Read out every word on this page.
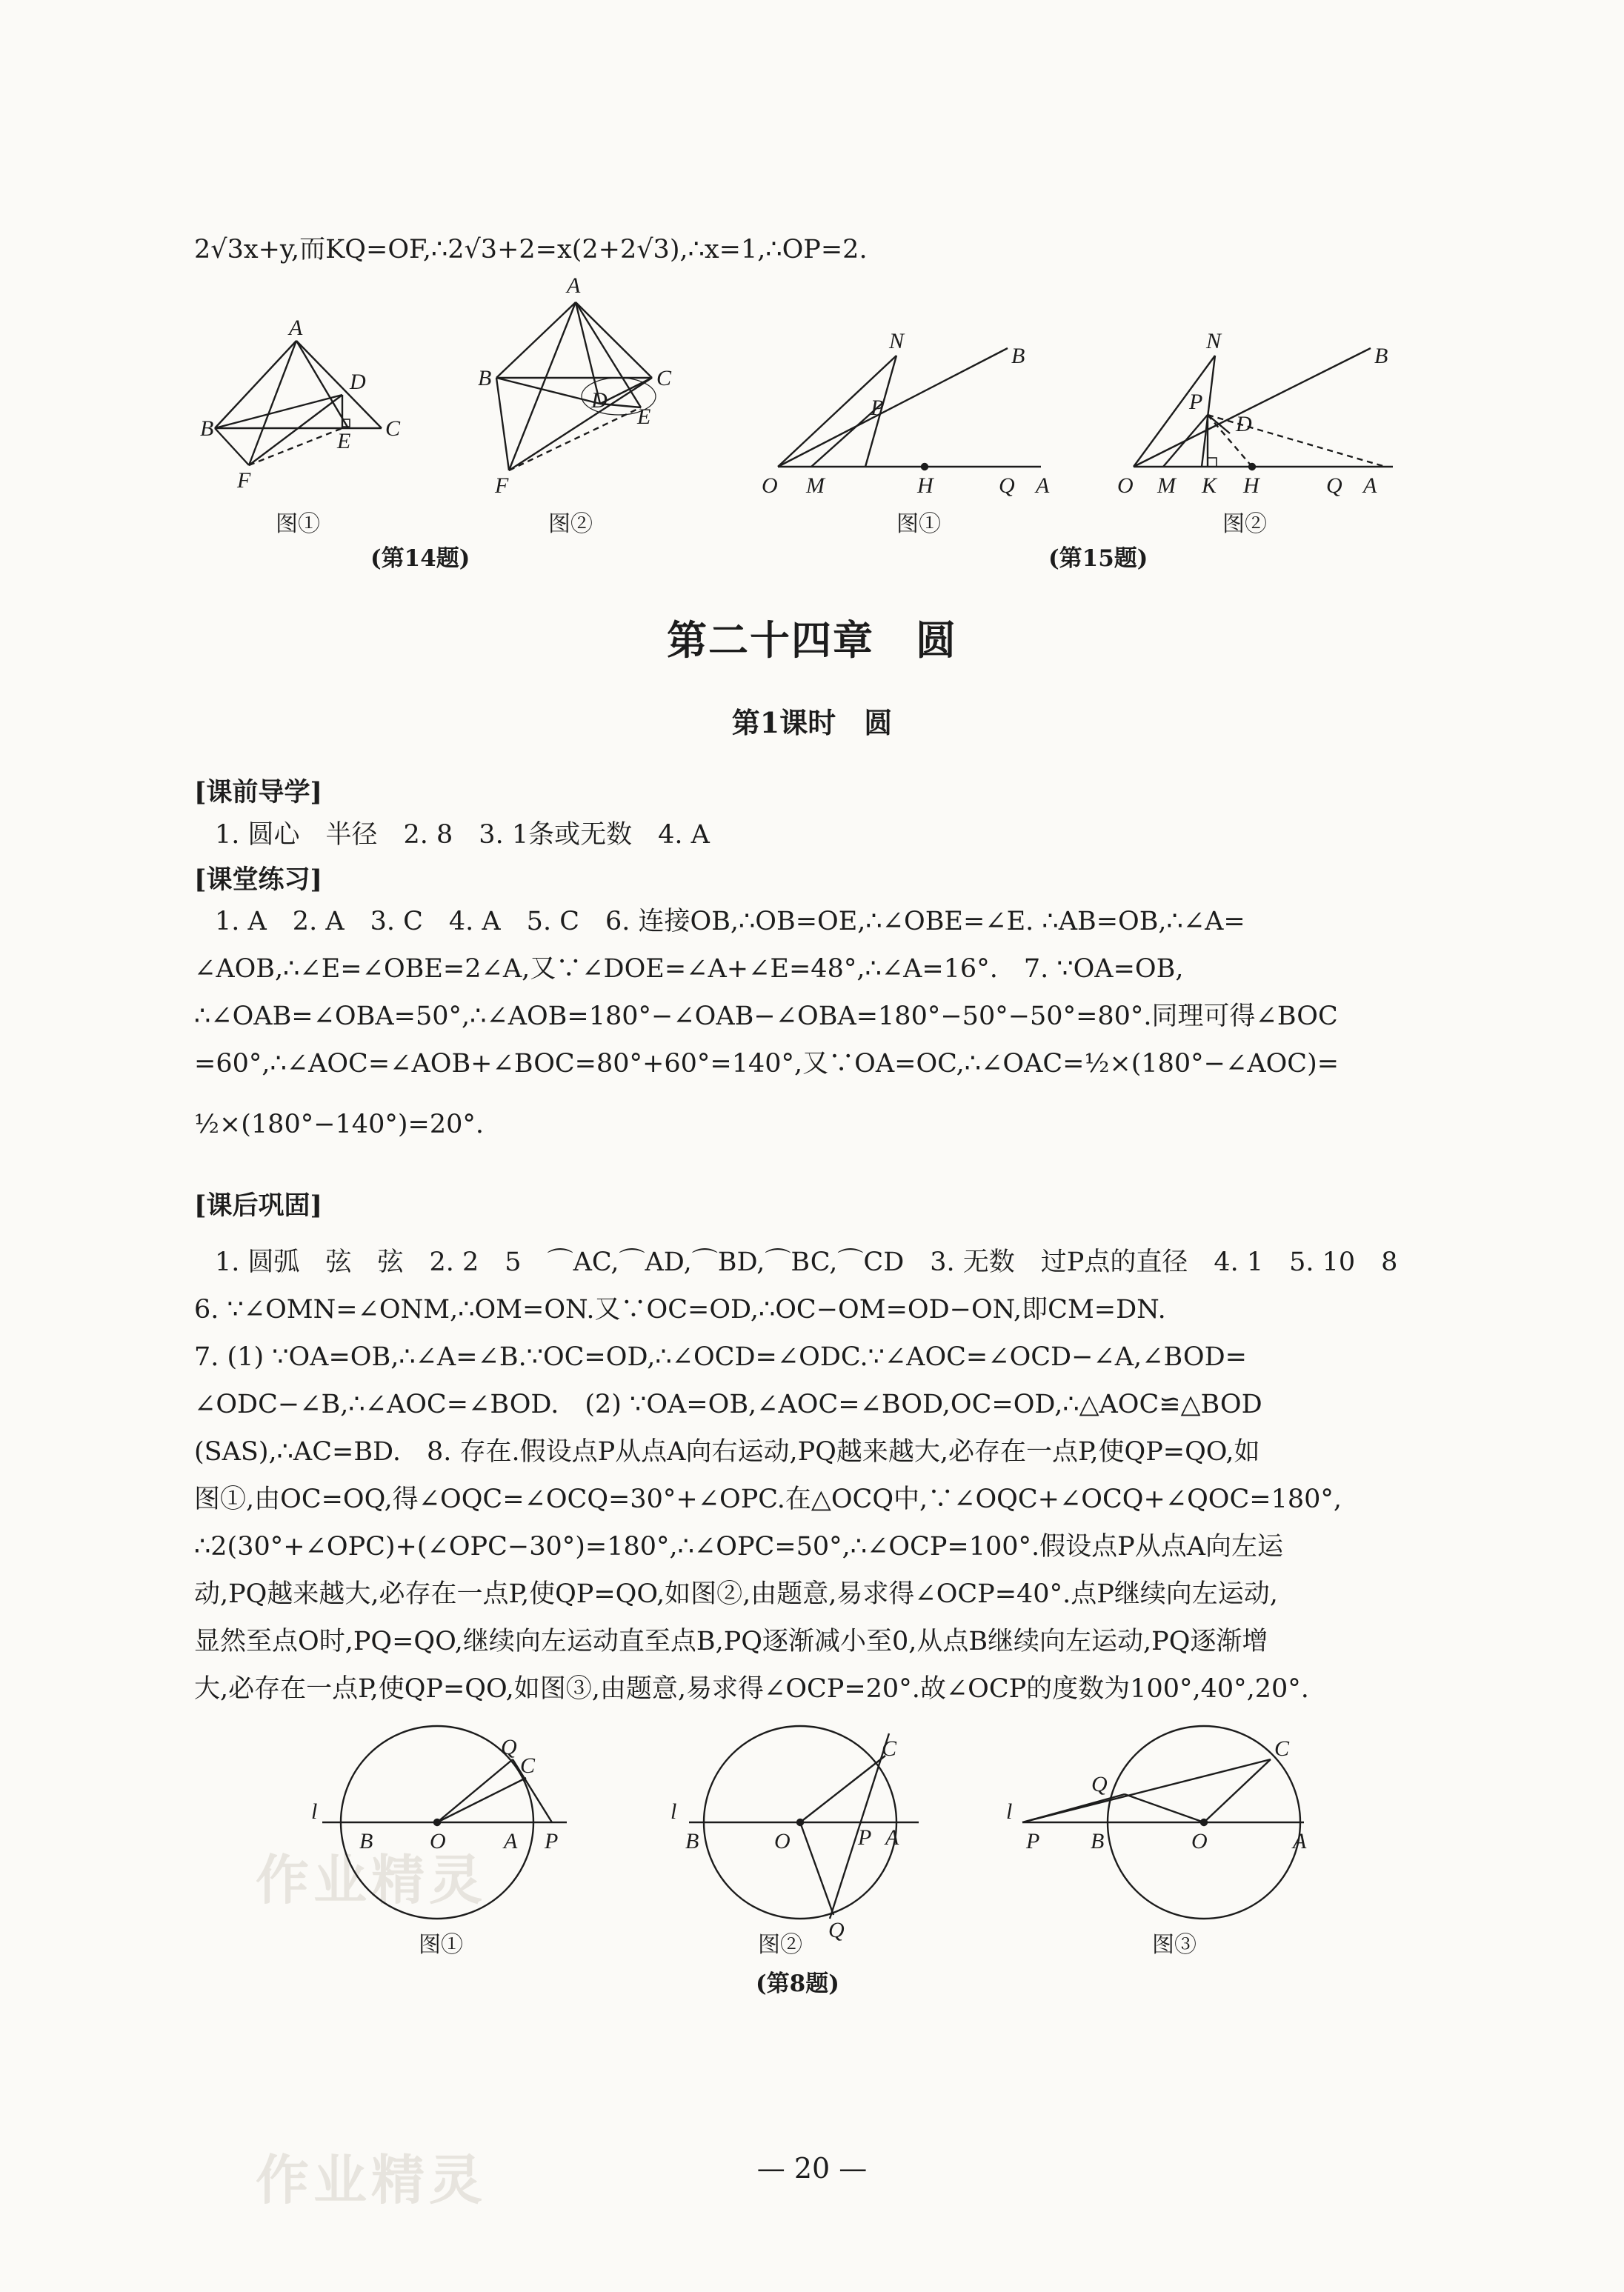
作业精灵
作业精灵
2√3x+y,而KQ=OF,∴2√3+2=x(2+2√3),∴x=1,∴OP=2.
A
B	C
D
E
F
A
B	C
D
E
F
N
B
P
O M	H	Q A
N
B
P
D
O M K H	Q A
图①	图②	图①	图②
(第14题)	(第15题)
第二十四章　圆
第1课时　圆
[课前导学]
1. 圆心　半径　2. 8　3. 1条或无数　4. A
[课堂练习]
1. A　2. A　3. C　4. A　5. C　6. 连接OB,∴OB=OE,∴∠OBE=∠E. ∴AB=OB,∴∠A=
∠AOB,∴∠E=∠OBE=2∠A,又∵∠DOE=∠A+∠E=48°,∴∠A=16°.　7. ∵OA=OB,
∴∠OAB=∠OBA=50°,∴∠AOB=180°−∠OAB−∠OBA=180°−50°−50°=80°.同理可得∠BOC
=60°,∴∠AOC=∠AOB+∠BOC=80°+60°=140°,又∵OA=OC,∴∠OAC=½×(180°−∠AOC)=
½×(180°−140°)=20°.
[课后巩固]
1. 圆弧　弦　弦　2. 2　5　⌒AC,⌒AD,⌒BD,⌒BC,⌒CD　3. 无数　过P点的直径　4. 1　5. 10　8
6. ∵∠OMN=∠ONM,∴OM=ON.又∵OC=OD,∴OC−OM=OD−ON,即CM=DN.
7. (1) ∵OA=OB,∴∠A=∠B.∵OC=OD,∴∠OCD=∠ODC.∵∠AOC=∠OCD−∠A,∠BOD=
∠ODC−∠B,∴∠AOC=∠BOD.　(2) ∵OA=OB,∠AOC=∠BOD,OC=OD,∴△AOC≌△BOD
(SAS),∴AC=BD.　8. 存在.假设点P从点A向右运动,PQ越来越大,必存在一点P,使QP=QO,如
图①,由OC=OQ,得∠OQC=∠OCQ=30°+∠OPC.在△OCQ中,∵∠OQC+∠OCQ+∠QOC=180°,
∴2(30°+∠OPC)+(∠OPC−30°)=180°,∴∠OPC=50°,∴∠OCP=100°.假设点P从点A向左运
动,PQ越来越大,必存在一点P,使QP=QO,如图②,由题意,易求得∠OCP=40°.点P继续向左运动,
显然至点O时,PQ=QO,继续向左运动直至点B,PQ逐渐减小至0,从点B继续向左运动,PQ逐渐增
大,必存在一点P,使QP=QO,如图③,由题意,易求得∠OCP=20°.故∠OCP的度数为100°,40°,20°.
l
B	O	A P
Q
C
l
B	O	P A
C
Q
l
P B	O	A
Q
C
图①	图②	图③
(第8题)
— 20 —
